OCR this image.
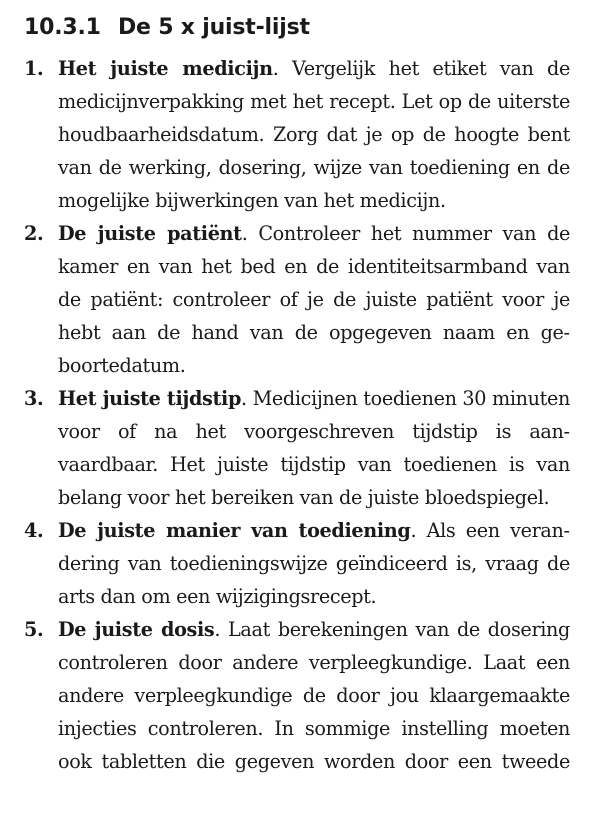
10.3.1 De 5 x juist-lijst
1. Het juiste medicijn. Vergelijk het etiket van de medicijnverpakking met het recept. Let op de uiterste houdbaarheidsdatum. Zorg dat je op de hoogte bent van de werking, dosering, wijze van toediening en de mogelijke bijwerkingen van het medicijn.
2. De juiste patiënt. Controleer het nummer van de kamer en van het bed en de identiteitsarmband van de patiënt: controleer of je de juiste patiënt voor je hebt aan de hand van de opgegeven naam en geboortedatum.
3. Het juiste tijdstip. Medicijnen toedienen 30 minuten voor of na het voorgeschreven tijdstip is aanvaardbaar. Het juiste tijdstip van toedienen is van belang voor het bereiken van de juiste bloedspiegel.
4. De juiste manier van toediening. Als een verandering van toedieningswijze geïndiceerd is, vraag de arts dan om een wijzigingsrecept.
5. De juiste dosis. Laat berekeningen van de dosering controleren door andere verpleegkundige. Laat een andere verpleegkundige de door jou klaargemaakte injecties controleren. In sommige instelling moeten ook tabletten die gegeven worden door een tweede
